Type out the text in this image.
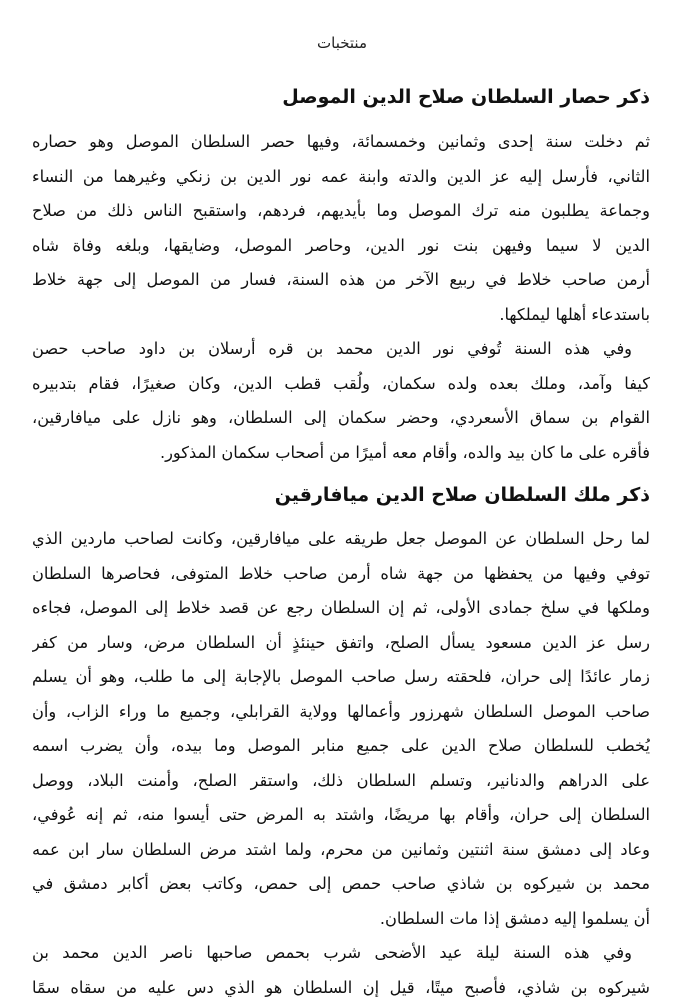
منتخبات
ذكر حصار السلطان صلاح الدين الموصل
ثم دخلت سنة إحدى وثمانين وخمسمائة، وفيها حصر السلطان الموصل وهو حصاره
الثاني، فأرسل إليه عز الدين والدته وابنة عمه نور الدين بن زنكي وغيرهما من النساء
وجماعة يطلبون منه ترك الموصل وما بأيديهم، فردهم، واستقبح الناس ذلك من صلاح
الدين لا سيما وفيهن بنت نور الدين، وحاصر الموصل، وضايقها، وبلغه وفاة شاه
أرمن صاحب خلاط في ربيع الآخر من هذه السنة، فسار من الموصل إلى جهة خلاط
باستدعاء أهلها ليملكها.
وفي هذه السنة تُوفي نور الدين محمد بن قره أرسلان بن داود صاحب حصن
كيفا وآمد، وملك بعده ولده سكمان، ولُقب قطب الدين، وكان صغيرًا، فقام بتدبيره
القوام بن سماق الأسعردي، وحضر سكمان إلى السلطان، وهو نازل على ميافارقين،
فأقره على ما كان بيد والده، وأقام معه أميرًا من أصحاب سكمان المذكور.
ذكر ملك السلطان صلاح الدين ميافارقين
لما رحل السلطان عن الموصل جعل طريقه على ميافارقين، وكانت لصاحب ماردين الذي
توفي وفيها من يحفظها من جهة شاه أرمن صاحب خلاط المتوفى، فحاصرها السلطان
وملكها في سلخ جمادى الأولى، ثم إن السلطان رجع عن قصد خلاط إلى الموصل، فجاءه
رسل عز الدين مسعود يسأل الصلح، واتفق حينئذٍ أن السلطان مرض، وسار من كفر
زمار عائدًا إلى حران، فلحقته رسل صاحب الموصل بالإجابة إلى ما طلب، وهو أن يسلم
صاحب الموصل السلطان شهرزور وأعمالها وولاية القرابلي، وجميع ما وراء الزاب، وأن
يُخطب للسلطان صلاح الدين على جميع منابر الموصل وما بيده، وأن يضرب اسمه
على الدراهم والدنانير، وتسلم السلطان ذلك، واستقر الصلح، وأمنت البلاد، ووصل
السلطان إلى حران، وأقام بها مريضًا، واشتد به المرض حتى أيسوا منه، ثم إنه عُوفي،
وعاد إلى دمشق سنة اثنتين وثمانين من محرم، ولما اشتد مرض السلطان سار ابن عمه
محمد بن شيركوه بن شاذي صاحب حمص إلى حمص، وكاتب بعض أكابر دمشق في
أن يسلموا إليه دمشق إذا مات السلطان.
وفي هذه السنة ليلة عيد الأضحى شرب بحمص صاحبها ناصر الدين محمد بن
شيركوه بن شاذي، فأصبح ميتًا، قيل إن السلطان هو الذي دس عليه من سقاه سمًا
